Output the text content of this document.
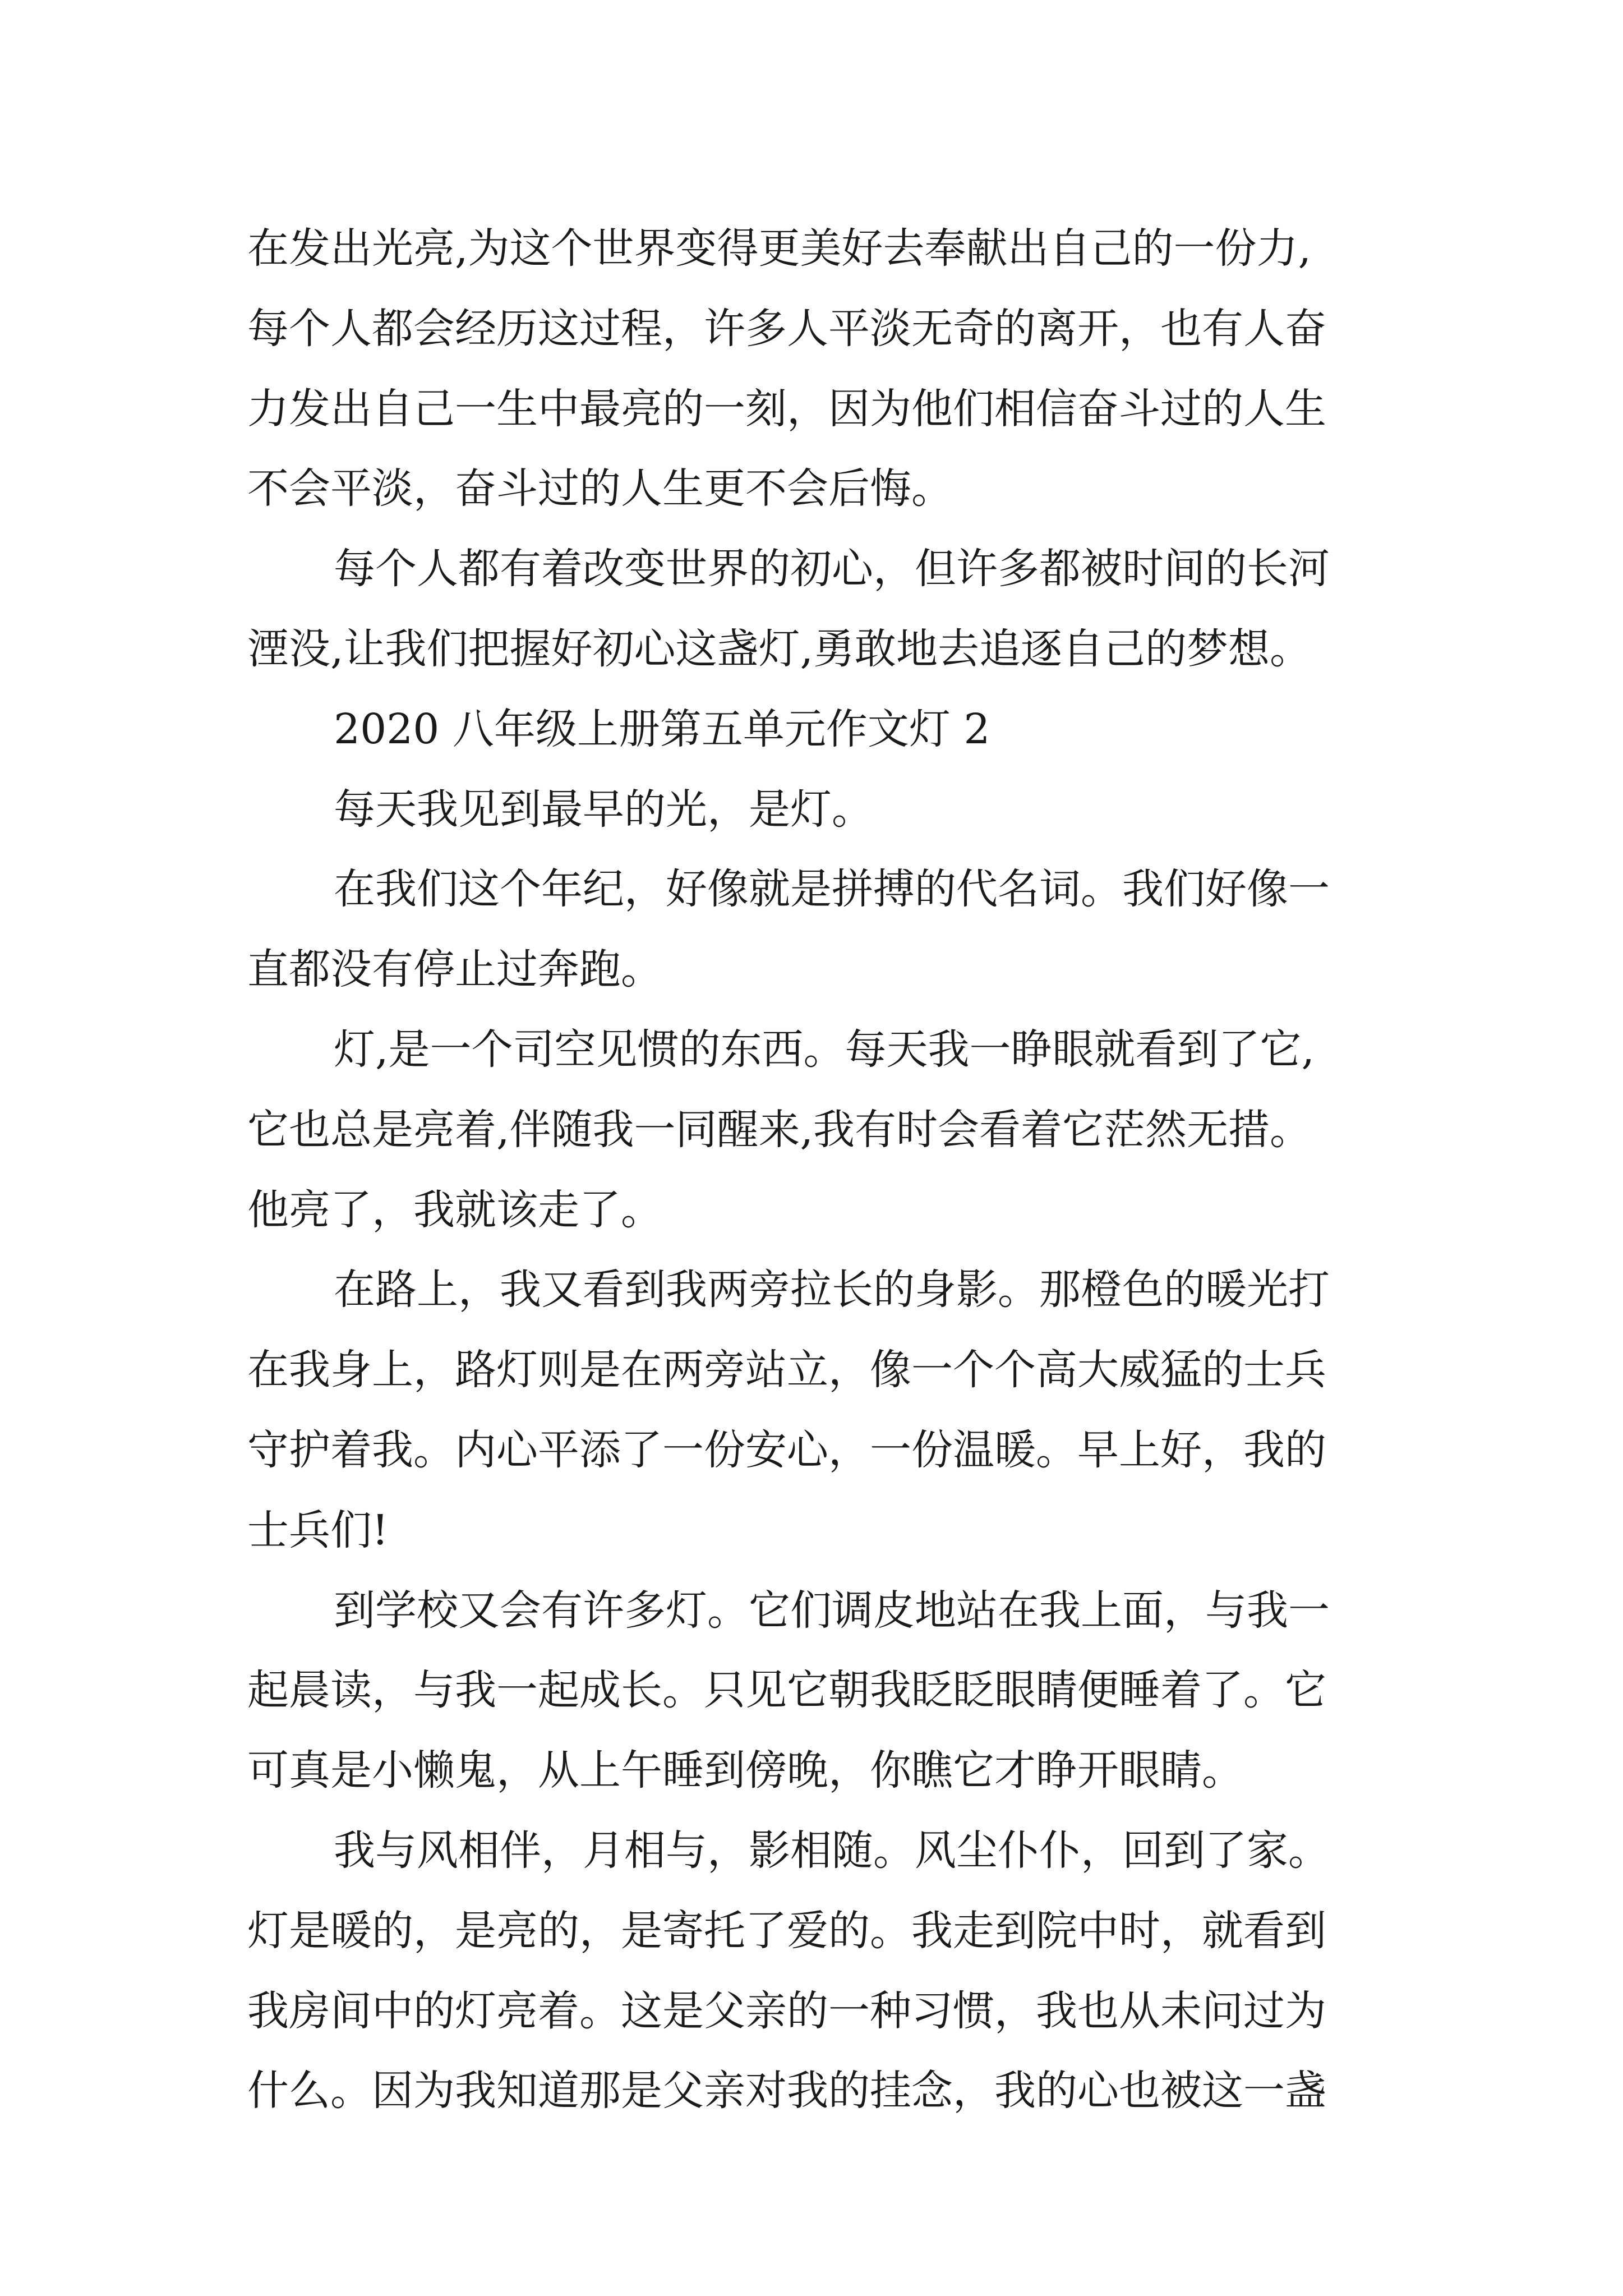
在发出光亮,为这个世界变得更美好去奉献出自己的一份力,
每个人都会经历这过程，许多人平淡无奇的离开，也有人奋
力发出自己一生中最亮的一刻，因为他们相信奋斗过的人生
不会平淡，奋斗过的人生更不会后悔。
每个人都有着改变世界的初心，但许多都被时间的长河
湮没,让我们把握好初心这盏灯,勇敢地去追逐自己的梦想。
2020 八年级上册第五单元作文灯 2
每天我见到最早的光，是灯。
在我们这个年纪，好像就是拼搏的代名词。我们好像一
直都没有停止过奔跑。
灯,是一个司空见惯的东西。每天我一睁眼就看到了它,
它也总是亮着,伴随我一同醒来,我有时会看着它茫然无措。
他亮了，我就该走了。
在路上，我又看到我两旁拉长的身影。那橙色的暖光打
在我身上，路灯则是在两旁站立，像一个个高大威猛的士兵
守护着我。内心平添了一份安心，一份温暖。早上好，我的
士兵们!
到学校又会有许多灯。它们调皮地站在我上面，与我一
起晨读，与我一起成长。只见它朝我眨眨眼睛便睡着了。它
可真是小懒鬼，从上午睡到傍晚，你瞧它才睁开眼睛。
我与风相伴，月相与，影相随。风尘仆仆，回到了家。
灯是暖的，是亮的，是寄托了爱的。我走到院中时，就看到
我房间中的灯亮着。这是父亲的一种习惯，我也从未问过为
什么。因为我知道那是父亲对我的挂念，我的心也被这一盏
